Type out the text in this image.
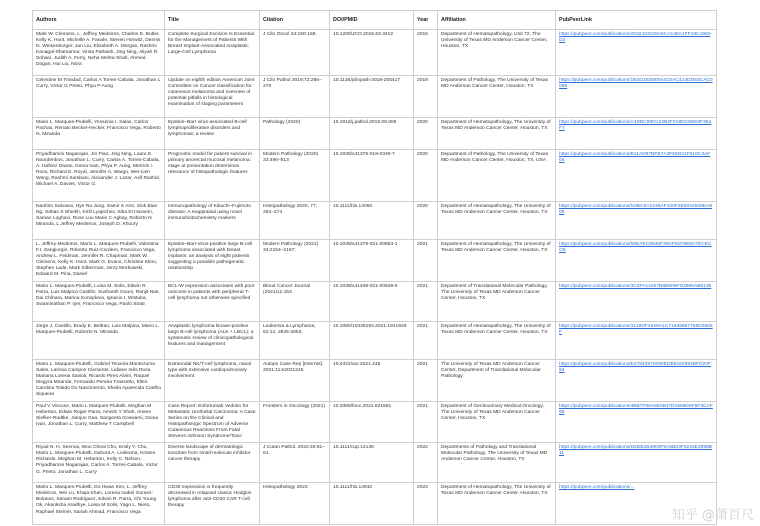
Authors	Title	Citation	DOI/PMID	Year	Affiliation	PubPeerLink
Mark W. Clemens, L. Jeffrey Medeiros, Charles E. Butler, Kelly K. Hunt, Michelle A. Fanale, Steven Horwitz, Dennis D. Weisenburger, Jun Liu, Elizabeth A. Morgan, Rashmi Kanagal-Shamanna, Vinita Parkash, Jing Ning, Aliyah R. Sohani, Judith A. Ferry, Neha Mehta-Shah, Ahmed Dogan, Hui Liu, Nora	Complete Surgical Excision Is Essential for the Management of Patients With Breast Implant-Associated Anaplastic Large-Cell Lymphoma	J Clin Oncol 34:160-168.	10.1200/JCO.2015.63.3412	2016	Department of Hematopathology, Unit 72, The University of Texas MD Anderson Cancer Center, Houston, TX	https://pubpeer.com/publications/2032423228A6CA138A1FF18C1960D3
Celestine M Trinidad, Carlos A Torres-Cabala, Jonathan L Curry, Victor G Prieto, Phyu P Aung	Update on eighth edition American Joint Committee on Cancer classification for cutaneous melanoma and overview of potential pitfalls in histological examination of staging parameters	J Clin Pathol 2019;72:265–270	10.1136/jclinpath-2018-205417	2019	Department of Pathology, The University of Texas MD Anderson Cancer Center, Houston, TX	https://pubpeer.com/publications/1B2D1ED80044C0AC414DD63CAC0095
Mario L. Marques-Piubelli, Yessenia I. Salas, Carlos Pachas, Renato Becker-Hecker, Francisco Vega, Roberto N. Miranda	Epstein–Barr virus-associated B-cell lymphoproliferative disorders and lymphomas: a review	Pathology (2020)	10.1016/j.pathol.2019.09.006	2020	Department of Hematopathology, The University of Texas MD Anderson Cancer Center, Houston, TX	https://pubpeer.com/publications/A4DBC98D123B2F018DC5EE8F354F7
Priyadharsini Nagarajan, Jin Piao, Jing Ning, Laura E. Noordenbos, Jonathan L. Curry, Carlos A. Torres-Cabala, A. Hafeez Diwan, Doina Ivan, Phyu P. Aung, Merrick I. Ross, Richard E. Royal, Jennifer A. Wargo, Wei-Lien Wang, Rashmi Sambani, Alexander J. Lazar, Asif Rashid, Michael A. Davies, Victor G.	Prognostic model for patient survival in primary anorectal mucosal melanoma: stage at presentation determines relevance of histopathologic features	Modern Pathology (2020) 33:496–513	10.1038/s41379-019-0340-7	2020	Department of Pathology, The University of Texas MD Anderson Cancer Center, Houston, TX, USA	https://pubpeer.com/publications/B11AD97BFB7A3F65D21F618C3AF04
Naohiro Sukowai, Hye Ra Jung, Samir S Amr, Siok Bian Ng, Sahas S Sheikh, Kirill Lyapichev, Siba El Hussein, Saman Loghavi, Rose Lou Marie C Agbay, Roberto N Miranda, L Jeffrey Medeiros, Joseph D. Khoury	Immunopathology of Kikuchi–Fujimoto disease: A reappraisal using novel immunohistochemistry markers	Histopathology 2020, 77, 262–274	10.1111/his.14050	2020	Department of Hematopathology, The University of Texas MD Anderson Cancer Center, Houston, TX	https://pubpeer.com/publications/1DBC6A1236AF420F2E5034559EA908
L. Jeffrey Medeiros, Mario L. Marques-Piubelli, Valentina F.I. Sangiorgio, Roberto Ruiz-Cordero, Francisco Vega, Andrew L. Feldman, Jennifer R. Chapman, Mark W. Clemens, Kelly K. Hunt, Mark G. Evans, Christine Kkoo, Stephen Lade, Mark Silberman, Jerzy Morkowski, Edward M. Pina, Daniel	Epstein–Barr-virus-positive large B-cell lymphoma associated with breast implants: an analysis of eight patients suggesting a possible pathogenetic relationship	Modern Pathology (2021) 34:2154–2167;	10.1038/s41379-021-00863-1	2021	Department of Hematopathology, The University of Texas MD Anderson Cancer Center, Houston, TX	https://pubpeer.com/publications/59EAEC8846F49AF91F8E8A7ECECCE
Mario L. Marques-Piubelli, Luisa M. Solis, Edwin R. Parra, Luis Malpica Castillo, Sushanth Gouni, Ranjit Nair, Dai Chihara, Marina Konopleva, Ignacio I. Wistuba, Swaminathan P. Iyer, Francisco Vega, Paolo Strati	BCL-W expression associates with poor outcome in patients with peripheral T-cell lymphoma not otherwise specified	Blood Cancer Journal (2021)11:153	10.1038/s41408-021-00549-6	2021	Department of Translational Molecular Pathology, The University of Texas MD Anderson Cancer Center, Houston, TX	https://pubpeer.com/publications/3C3FA14267B6B508FD3695AB9105
Jorge J. Castillo, Brady E. Beltran, Luis Malpica, Mario L. Marques-Piubelli, Roberto N. Miranda	Anaplastic lymphoma kinase-positive large B-cell lymphoma (ALK + LBCL): a systematic review of clinicopathological features and management	Leukemia & Lymphoma, 62:12, 2845-2853,	10.1080/10428194.2021.1941929	2021	Department of Hematopathology, The University of Texas MD Anderson Cancer Center, Houston, TX	https://pubpeer.com/publications/3122DF4929A1C71639867758D3826F
Mario L. Marques-Piubelli, Gabriel Teixeira Montezuma Sales, Larissa Campos Clemente, Lidiane Inês Rosa Mariana Lorena Savioli, Ricardo Pires Alvim, Raquel Mogyra Miranda, Fernando Pereira Frassetto, Ellen Carolina Toledo Do Nascimento, Sheila Aparecida Coelho Siqueira	Extranodal NK/T-cell lymphoma, nasal type with extensive cardiopulmonary involvement	Autops Case Rep [Internet]. 2021;11:e2021245	10.4322/acr.2021.245	2021	The University of Texas MD Anderson Cancer Center, Department of Translational Molecular Pathology	https://pubpeer.com/publications/E27843972095EDB9162954BFD20F94
Paul V Viscuse, Mario L Marques-Piubelli, Meghan M Heberton, Edwin Roger Parra, Amishi Y Shah, Ariane Siefker-Radtke, Jianjun Gao, Sangeeta Goswami, Doina Ivan, Jonathan L. Curry, Matthew T Campbell	Case Report: Enfortumab Vedotin for Metastatic Urothelial Carcinoma: A Case Series on the Clinical and Histopathologic Spectrum of Adverse Cutaneous Reactions From Fatal Stevens-Johnson Syndrome/Toxic	Frontiers in Oncology (2021)	10.3389/fonc.2021.621591	2021	Department of Genitourinary Medical Oncology, The University of Texas MD Anderson Cancer Center, Houston, TX	https://pubpeer.com/publications/4BB7F00A5E0847D1989D6F8F3CAF95
Riyad N. H. Seervai, Woo Cheal Cho, Emily Y. Chu, Mario L. Marques-Piubelli, Debora A. Ledesma, Kristen Richards, Meghan M. Heberton, Kelly C. Nelson, Priyadharsini Nagarajan, Carlos A. Torres-Cabala, Victor G. Prieto, Jonathan L. Curry	Diverse landscape of dermatologic toxicities from small-molecule inhibitor cancer therapy	J Cutan Pathol. 2022;49:61–81.	10.1111/cup.14145	2022	Departments of Pathology and Translational Molecular Pathology, The University of Texas MD Anderson Cancer Center, Houston, TX	https://pubpeer.com/publications/D5DB2B4900F9A5B03F0244E3898B11
Mario L. Marques-Piubelli, Do Hwan Kim, L. Jeffrey Medeiros, Wei Lu, Khaja Khan, Lorena Isabel Gomez-Bolanos, Sanam Rodriguez, Edwin R. Parra, Chi Young Ok, Akanksha Aradhye, Luisa M Solis, Yago L. Nieto, Raphael Steiner, Sairah Ahmad, Francisco Vega	CD30 expression is frequently decreased in relapsed classic Hodgkin lymphoma after anti-CD30 CAR T-cell therapy	Histopathology 2023	10.1111/his.14910	2023	Department of Hematopathology, The University of Texas MD Anderson Cancer Center, Houston, TX	https://pubpeer.com/publications/...
知乎 @萧百尺
